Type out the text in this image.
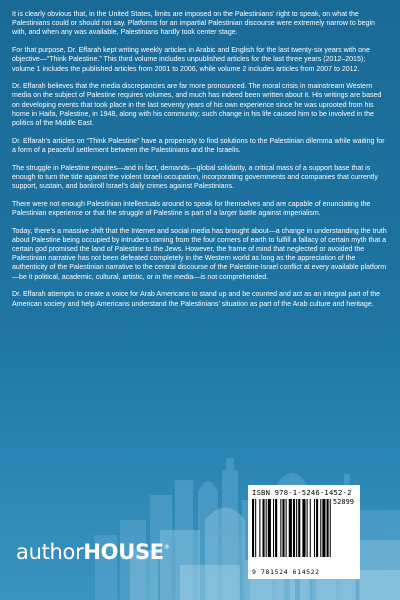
It is clearly obvious that, in the United States, limits are imposed on the Palestinians' right to speak, on what the Palestinians could or should not say. Platforms for an impartial Palestinian discourse were extremely narrow to begin with, and when any was available, Palestinians hardly took center stage.

For that purpose, Dr. Effarah kept writing weekly articles in Arabic and English for the last twenty-six years with one objective—“Think Palestine.” This third volume includes unpublished articles for the last three years (2012–2015); volume 1 includes the published articles from 2001 to 2006, while volume 2 includes articles from 2007 to 2012.

Dr. Effarah believes that the media discrepancies are far more pronounced. The moral crisis in mainstream Western media on the subject of Palestine requires volumes, and much has indeed been written about it. His writings are based on developing events that took place in the last seventy years of his own experience since he was uprooted from his home in Haifa, Palestine, in 1948, along with his community; such change in his life caused him to be involved in the politics of the Middle East.

Dr. Effarah’s articles on “Think Palestine” have a propensity to find solutions to the Palestinian dilemma while waiting for a form of a peaceful settlement between the Palestinians and the Israelis.

The struggle in Palestine requires—and in fact, demands—global solidarity, a critical mass of a support base that is enough to turn the tide against the violent Israeli occupation, incorporating governments and companies that currently support, sustain, and bankroll Israel’s daily crimes against Palestinians.

There were not enough Palestinian intellectuals around to speak for themselves and are capable of enunciating the Palestinian experience or that the struggle of Palestine is part of a larger battle against imperialism.

Today, there’s a massive shift that the Internet and social media has brought about—a change in understanding the truth about Palestine being occupied by intruders coming from the four corners of earth to fulfill a fallacy of certain myth that a certain god promised the land of Palestine to the Jews. However, the frame of mind that neglected or avoided the Palestinian narrative has not been defeated completely in the Western world as long as the appreciation of the authenticity of the Palestinian narrative to the central discourse of the Palestine-Israel conflict at every available platform—be it political, academic, cultural, artistic, or in the media—is not comprehended.

Dr. Effarah attempts to create a voice for Arab Americans to stand up and be counted and act as an integral part of the American society and help Americans understand the Palestinians’ situation as part of the Arab culture and heritage.

ISBN 978-1-5246-1452-2
52899
9 781524 614522
authorHOUSE®
